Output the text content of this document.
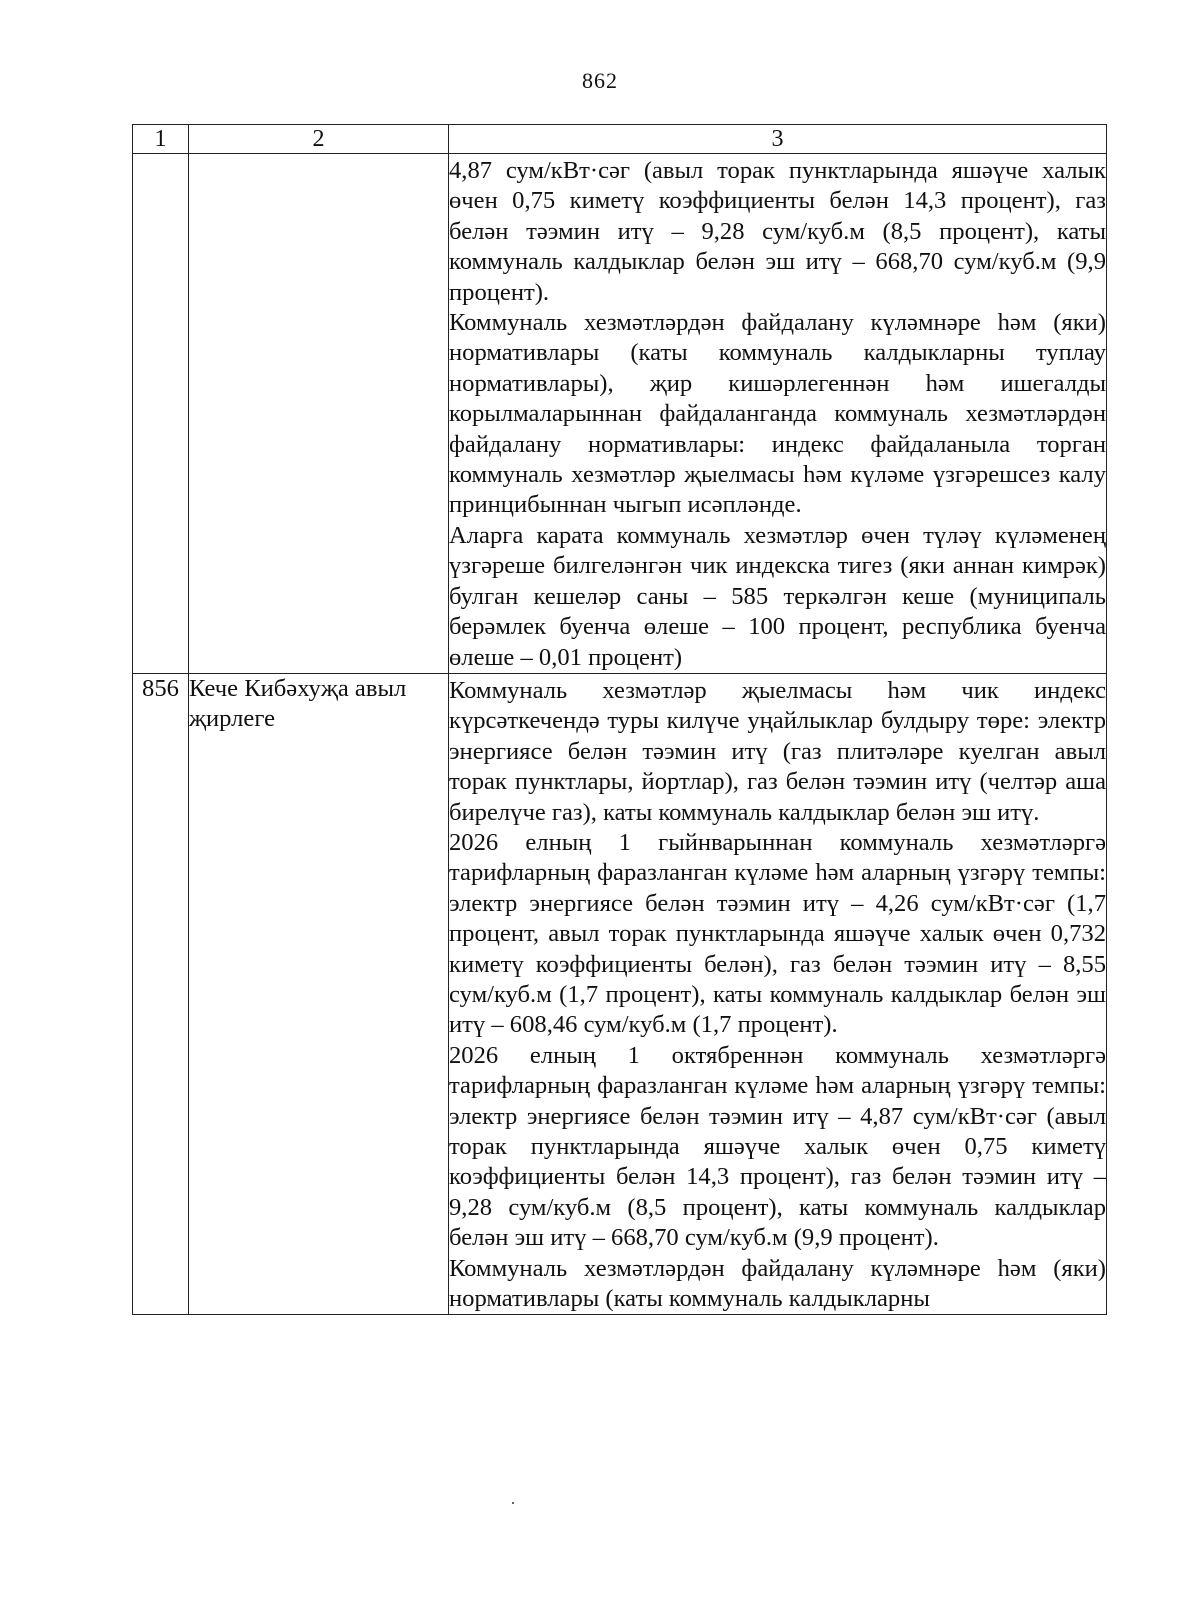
862
1	2	3

		4,87 сум/кВт·сәг (авыл торак пунктларында яшәүче халык өчен 0,75 киметү коэффициенты белән 14,3 процент), газ белән тәэмин итү – 9,28 сум/куб.м (8,5 процент), каты коммуналь калдыклар белән эш итү – 668,70 сум/куб.м (9,9 процент).

Коммуналь хезмәтләрдән файдалану күләмнәре һәм (яки) нормативлары (каты коммуналь калдыкларны туплау нормативлары), җир кишәрлегеннән һәм ишегалды корылмаларыннан файдаланганда коммуналь хезмәтләрдән файдалану нормативлары: индекс файдаланыла торган коммуналь хезмәтләр җыелмасы һәм күләме үзгәрешсез калу принцибыннан чыгып исәпләнде.

Аларга карата коммуналь хезмәтләр өчен түләү күләменең үзгәреше билгеләнгән чик индекска тигез (яки аннан кимрәк) булган кешеләр саны – 585 теркәлгән кеше (муниципаль берәмлек буенча өлеше – 100 процент, республика буенча өлеше – 0,01 процент)

856	Кече Кибәхуҗа авыл җирлеге	Коммуналь хезмәтләр җыелмасы һәм чик индекс күрсәткечендә туры килүче уңайлыклар булдыру төре: электр энергиясе белән тәэмин итү (газ плитәләре куелган авыл торак пунктлары, йортлар), газ белән тәэмин итү (челтәр аша бирелүче газ), каты коммуналь калдыклар белән эш итү.

2026 елның 1 гыйнварыннан коммуналь хезмәтләргә тарифларның фаразланган күләме һәм аларның үзгәрү темпы: электр энергиясе белән тәэмин итү – 4,26 сум/кВт·сәг (1,7 процент, авыл торак пунктларында яшәүче халык өчен 0,732 киметү коэффициенты белән), газ белән тәэмин итү – 8,55 сум/куб.м (1,7 процент), каты коммуналь калдыклар белән эш итү – 608,46 сум/куб.м (1,7 процент).

2026 елның 1 октябреннән коммуналь хезмәтләргә тарифларның фаразланган күләме һәм аларның үзгәрү темпы: электр энергиясе белән тәэмин итү – 4,87 сум/кВт·сәг (авыл торак пунктларында яшәүче халык өчен 0,75 киметү коэффициенты белән 14,3 процент), газ белән тәэмин итү – 9,28 сум/куб.м (8,5 процент), каты коммуналь калдыклар белән эш итү – 668,70 сум/куб.м (9,9 процент).

Коммуналь хезмәтләрдән файдалану күләмнәре һәм (яки) нормативлары (каты коммуналь калдыкларны
